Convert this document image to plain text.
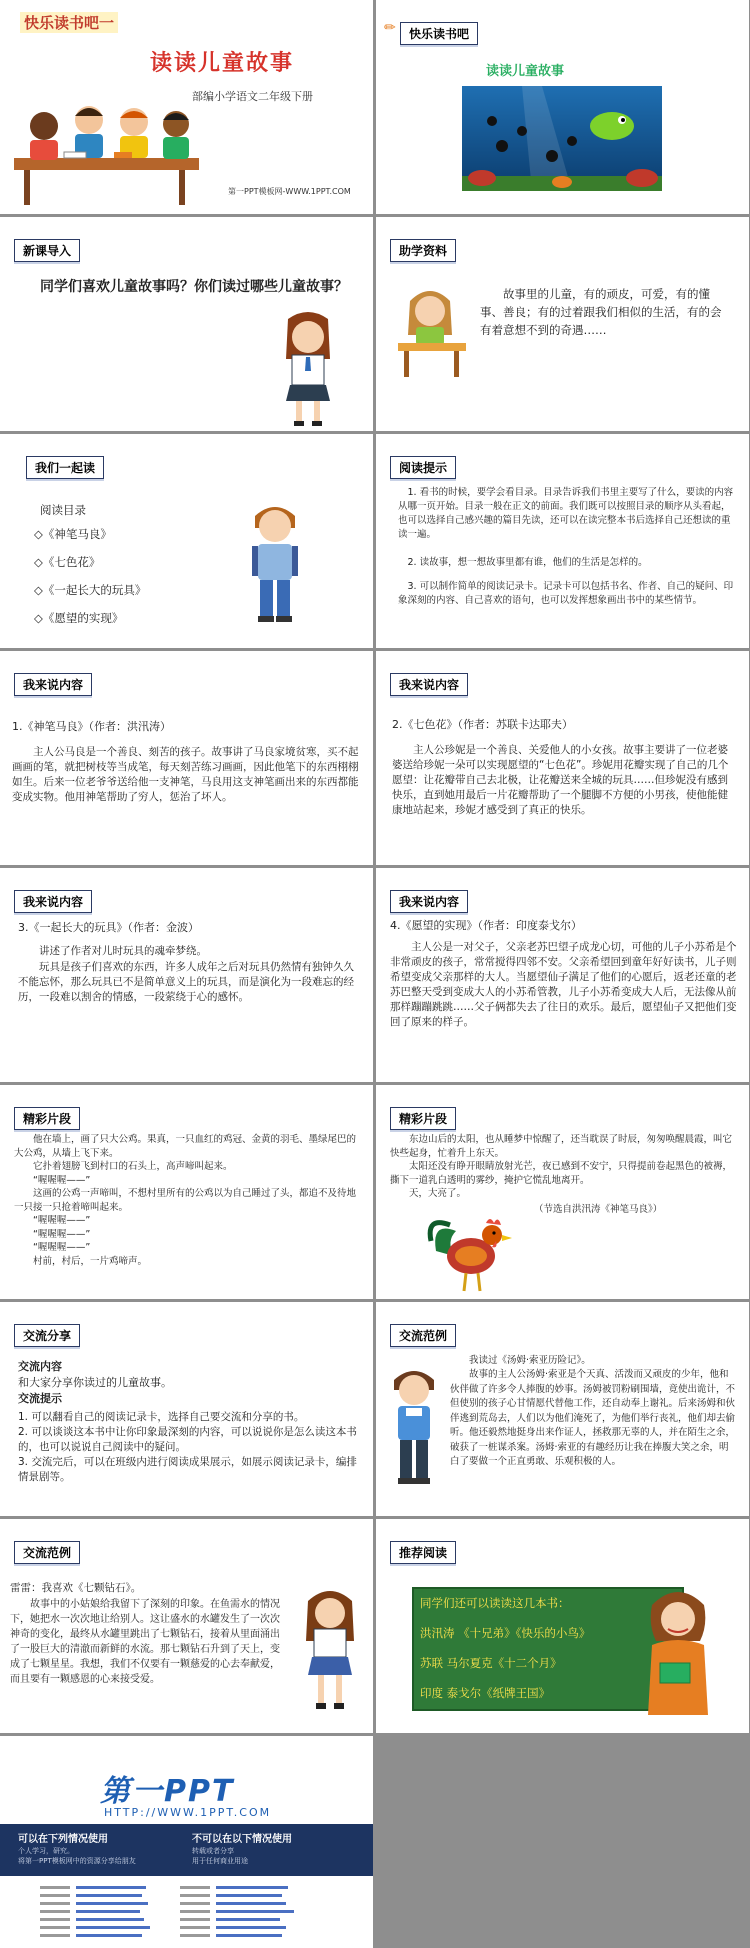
快乐读书吧一
读读儿童故事
部编小学语文二年级下册
第一PPT模板网-WWW.1PPT.COM
✏	快乐读书吧
读读儿童故事
新课导入
同学们喜欢儿童故事吗？你们读过哪些儿童故事？
助学资料
故事里的儿童，有的顽皮，可爱，有的懂事、善良；有的过着跟我们相似的生活，有的会有着意想不到的奇遇……
我们一起读
阅读目录
◇《神笔马良》
◇《七色花》
◇《一起长大的玩具》
◇《愿望的实现》
阅读提示
1. 看书的时候，要学会看目录。目录告诉我们书里主要写了什么，要读的内容从哪一页开始。目录一般在正文的前面。我们既可以按照目录的顺序从头看起，也可以选择自己感兴趣的篇目先读，还可以在读完整本书后选择自己还想读的重读一遍。
2. 读故事，想一想故事里都有谁，他们的生活是怎样的。
3. 可以制作简单的阅读记录卡。记录卡可以包括书名、作者、自己的疑问、印象深刻的内容、自己喜欢的语句，也可以发挥想象画出书中的某些情节。
我来说内容
1.《神笔马良》（作者：洪汛涛）
主人公马良是一个善良、刻苦的孩子。故事讲了马良家境贫寒，买不起画画的笔，就把树枝等当成笔，每天刻苦练习画画，因此他笔下的东西栩栩如生。后来一位老爷爷送给他一支神笔，马良用这支神笔画出来的东西都能变成实物。他用神笔帮助了穷人，惩治了坏人。
我来说内容
2.《七色花》（作者：苏联卡达耶夫）
主人公珍妮是一个善良、关爱他人的小女孩。故事主要讲了一位老婆婆送给珍妮一朵可以实现愿望的“七色花”。珍妮用花瓣实现了自己的几个愿望：让花瓣带自己去北极，让花瓣送来全城的玩具……但珍妮没有感到快乐，直到她用最后一片花瓣帮助了一个腿脚不方便的小男孩，使他能健康地站起来，珍妮才感受到了真正的快乐。
我来说内容
3.《一起长大的玩具》（作者：金波）
讲述了作者对儿时玩具的魂牵梦绕。
玩具是孩子们喜欢的东西，许多人成年之后对玩具仍然情有独钟久久不能忘怀，那么玩具已不是简单意义上的玩具，而是演化为一段难忘的经历，一段难以割舍的情感，一段萦绕于心的感怀。
我来说内容
4.《愿望的实现》（作者：印度泰戈尔）
主人公是一对父子，父亲老苏巴望子成龙心切，可他的儿子小苏希是个非常顽皮的孩子，常常搅得四邻不安。父亲希望回到童年好好读书，儿子则希望变成父亲那样的大人。当愿望仙子满足了他们的心愿后，返老还童的老苏巴整天受到变成大人的小苏希管教，儿子小苏希变成大人后，无法像从前那样蹦蹦跳跳……父子俩都失去了往日的欢乐。最后，愿望仙子又把他们变回了原来的样子。
精彩片段

他在墙上，画了只大公鸡。果真，一只血红的鸡冠、金黄的羽毛、墨绿尾巴的大公鸡，从墙上飞下来。

它扑着翅膀飞到村口的石头上，高声啼叫起来。

“喔喔喔——”

这画的公鸡一声啼叫，不想村里所有的公鸡以为自己睡过了头，都追不及待地一只接一只抢着啼叫起来。

“喔喔喔——”

“喔喔喔——”

“喔喔喔——”

村前，村后，一片鸡啼声。

精彩片段

东边山后的太阳，也从睡梦中惊醒了，还当耽误了时辰，匆匆唤醒晨霞，叫它快些起身，忙着升上东天。

太阳还没有睁开眼睛放射光芒，夜已感到不安宁，只得提前卷起黑色的被褥，撕下一道乳白透明的雾纱，掩护它慌乱地离开。

天，大亮了。

（节选自洪汛涛《神笔马良》）
交流分享
交流内容
和大家分享你读过的儿童故事。
交流提示

1. 可以翻看自己的阅读记录卡，选择自己要交流和分享的书。

2. 可以谈谈这本书中让你印象最深刻的内容，可以说说你是怎么读这本书的，也可以说说自己阅读中的疑问。

3. 交流完后，可以在班级内进行阅读成果展示，如展示阅读记录卡，编排情景剧等。

交流范例
我读过《汤姆·索亚历险记》。
故事的主人公汤姆·索亚是个天真、活泼而又顽皮的少年，他和伙伴做了许多令人捧腹的妙事。汤姆被罚粉刷围墙，竟使出诡计，不但使别的孩子心甘情愿代替他工作，还自动奉上谢礼。后来汤姆和伙伴逃到荒岛去，人们以为他们淹死了，为他们举行丧礼，他们却去偷听。他还毅然地挺身出来作证人，拯救那无辜的人，并在陌生之余，破获了一桩谋杀案。汤姆·索亚的有趣经历让我在捧腹大笑之余，明白了要做一个正直勇敢、乐观积极的人。
交流范例
雷雷：我喜欢《七颗钻石》。
故事中的小姑娘给我留下了深刻的印象。在鱼需水的情况下，她把水一次次地让给别人。这让盛水的水罐发生了一次次神奇的变化，最终从水罐里跳出了七颗钻石，接着从里面涌出了一股巨大的清澈而新鲜的水流。那七颗钻石升到了天上，变成了七颗星星。我想，我们不仅要有一颗慈爱的心去奉献爱，而且要有一颗感恩的心来接受爱。
推荐阅读
同学们还可以读读这几本书：
洪汛涛 《十兄弟》《快乐的小鸟》
苏联 马尔夏克《十二个月》
印度 泰戈尔《纸牌王国》
第一PPT
HTTP://WWW.1PPT.COM
可以在下列情况使用
个人学习，研究。
将第一PPT模板网中的资源分享给朋友
不可以在以下情况使用
转载或者分享
用于任何商业用途
